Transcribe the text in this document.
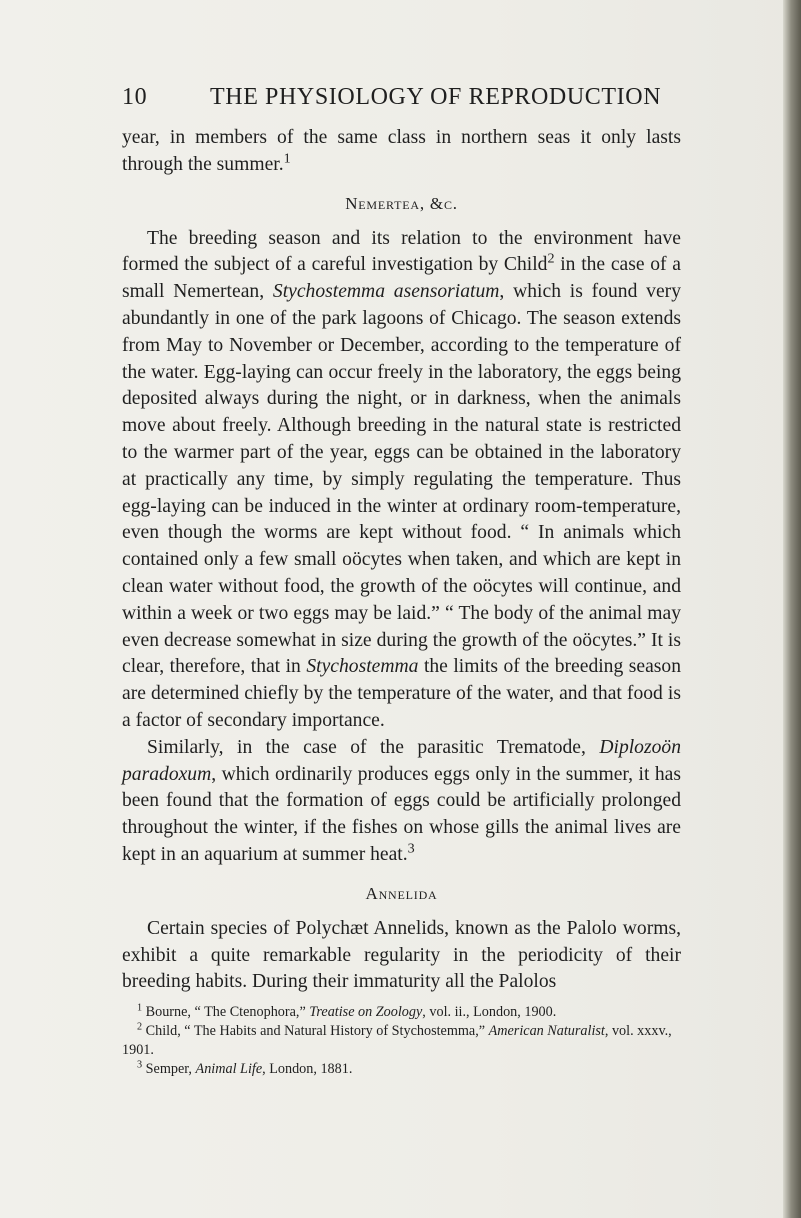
10	THE PHYSIOLOGY OF REPRODUCTION

year, in members of the same class in northern seas it only lasts through the summer.$^1$

Nemertea, &c.

The breeding season and its relation to the environment have formed the subject of a careful investigation by Child$^2$ in the case of a small Nemertean, Stychostemma asensoriatum, which is found very abundantly in one of the park lagoons of Chicago. The season extends from May to November or December, according to the temperature of the water. Egg-laying can occur freely in the laboratory, the eggs being deposited always during the night, or in darkness, when the animals move about freely. Although breeding in the natural state is restricted to the warmer part of the year, eggs can be obtained in the laboratory at practically any time, by simply regulating the temperature. Thus egg-laying can be induced in the winter at ordinary room-temperature, even though the worms are kept without food. “ In animals which contained only a few small oöcytes when taken, and which are kept in clean water without food, the growth of the oöcytes will continue, and within a week or two eggs may be laid.” “ The body of the animal may even decrease somewhat in size during the growth of the oöcytes.” It is clear, therefore, that in Stychostemma the limits of the breeding season are determined chiefly by the temperature of the water, and that food is a factor of secondary importance.

Similarly, in the case of the parasitic Trematode, Diplozoön paradoxum, which ordinarily produces eggs only in the summer, it has been found that the formation of eggs could be artificially prolonged throughout the winter, if the fishes on whose gills the animal lives are kept in an aquarium at summer heat.$^3$

Annelida

Certain species of Polychæt Annelids, known as the Palolo worms, exhibit a quite remarkable regularity in the periodicity of their breeding habits. During their immaturity all the Palolos

$^1$ Bourne, “ The Ctenophora,” Treatise on Zoology, vol. ii., London, 1900.

$^2$ Child, “ The Habits and Natural History of Stychostemma,” American Naturalist, vol. xxxv., 1901.

$^3$ Semper, Animal Life, London, 1881.
